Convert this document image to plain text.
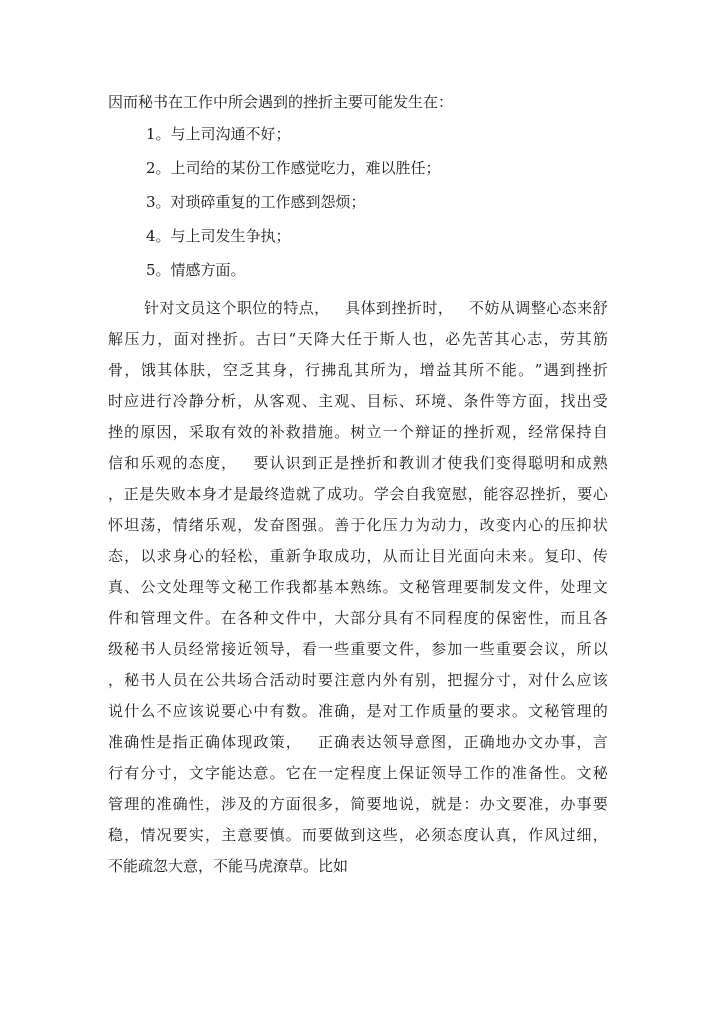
因而秘书在工作中所会遇到的挫折主要可能发生在：
1。与上司沟通不好；
2。上司给的某份工作感觉吃力，难以胜任；
3。对琐碎重复的工作感到怨烦；
4。与上司发生争执；
5。情感方面。
针 对 文 员 这 个 职 位 的 特 点 ，
　 具 体 到 挫 折 时 ，
　 不 妨 从 调 整 心 态 来 舒
解 压 力 ， 面 对 挫 折 。 古 曰 “ 天 降 大 任 于 斯 人 也 ， 必 先 苦 其 心 志 ， 劳 其 筋
骨 ， 饿 其 体 肤 ， 空 乏 其 身 ， 行 拂 乱 其 所 为 ， 增 益 其 所 不 能 。 ” 遇 到 挫 折
时 应 进 行 冷 静 分 析 ， 从 客 观 、 主 观 、 目 标 、 环 境 、 条 件 等 方 面 ， 找 出 受
挫 的 原 因 ， 采 取 有 效 的 补 救 措 施 。 树 立 一 个 辩 证 的 挫 折 观 ， 经 常 保 持 自
信 和 乐 观 的 态 度 ，
　 要 认 识 到 正 是 挫 折 和 教 训 才 使 我 们 变 得 聪 明 和 成 熟
， 正 是 失 败 本 身 才 是 最 终 造 就 了 成 功 。 学 会 自 我 宽 慰 ， 能 容 忍 挫 折 ， 要 心
怀 坦 荡 ， 情 绪 乐 观 ， 发 奋 图 强 。 善 于 化 压 力 为 动 力 ， 改 变 内 心 的 压 抑 状
态 ， 以 求 身 心 的 轻 松 ， 重 新 争 取 成 功 ， 从 而 让 目 光 面 向 未 来 。 复 印 、 传
真 、 公 文 处 理 等 文 秘 工 作 我 都 基 本 熟 练 。 文 秘 管 理 要 制 发 文 件 ， 处 理 文
件 和 管 理 文 件 。 在 各 种 文 件 中 ， 大 部 分 具 有 不 同 程 度 的 保 密 性 ， 而 且 各
级 秘 书 人 员 经 常 接 近 领 导 ， 看 一 些 重 要 文 件 ， 参 加 一 些 重 要 会 议 ， 所 以
， 秘 书 人 员 在 公 共 场 合 活 动 时 要 注 意 内 外 有 别 ， 把 握 分 寸 ， 对 什 么 应 该
说 什 么 不 应 该 说 要 心 中 有 数 。 准 确 ， 是 对 工 作 质 量 的 要 求 。 文 秘 管 理 的
准 确 性 是 指 正 确 体 现 政 策 ，
　 正 确 表 达 领 导 意 图 ， 正 确 地 办 文 办 事 ， 言
行 有 分 寸 ， 文 字 能 达 意 。 它 在 一 定 程 度 上 保 证 领 导 工 作 的 准 备 性 。 文 秘
管 理 的 准 确 性 ， 涉 及 的 方 面 很 多 ， 简 要 地 说 ， 就 是 ： 办 文 要 准 ， 办 事 要
稳 ， 情 况 要 实 ， 主 意 要 慎 。 而 要 做 到 这 些 ， 必 须 态 度 认 真 ， 作 风 过 细 ，
不能疏忽大意，不能马虎潦草。比如
